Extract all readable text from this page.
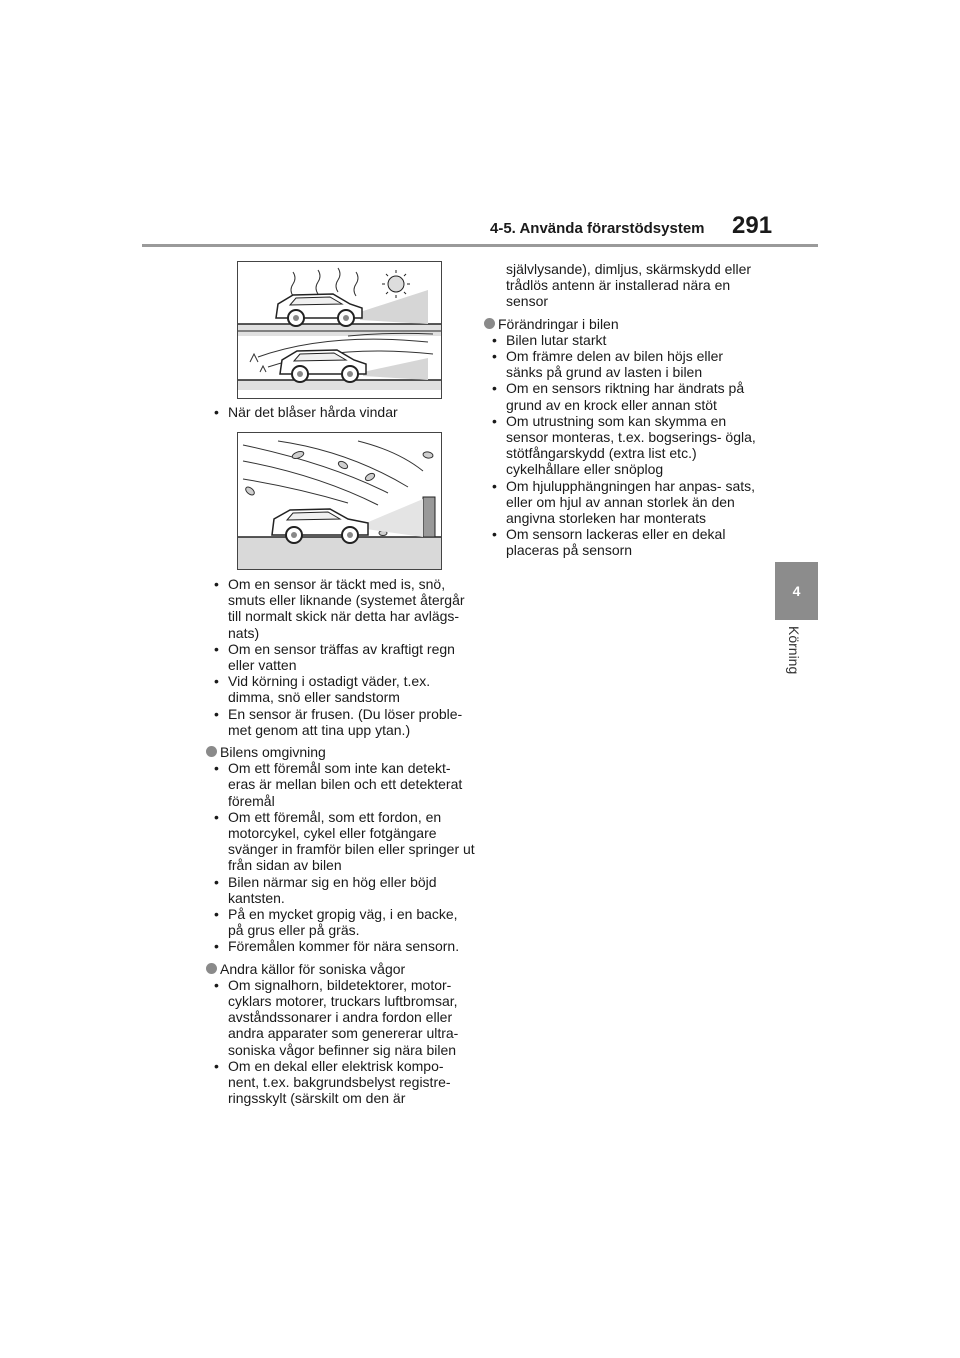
4-5. Använda förarstödsystem 291
4
Körning
• När det blåser hårda vindar
• Om en sensor är täckt med is, snö, smuts eller liknande (systemet återgår till normalt skick när detta har avlägs- nats)
• Om en sensor träffas av kraftigt regn eller vatten
• Vid körning i ostadigt väder, t.ex. dimma, snö eller sandstorm
• En sensor är frusen. (Du löser proble- met genom att tina upp ytan.)
Bilens omgivning
• Om ett föremål som inte kan detekt- eras är mellan bilen och ett detekterat föremål
• Om ett föremål, som ett fordon, en motorcykel, cykel eller fotgängare svänger in framför bilen eller springer ut från sidan av bilen
• Bilen närmar sig en hög eller böjd kantsten.
• På en mycket gropig väg, i en backe, på grus eller på gräs.
• Föremålen kommer för nära sensorn.
Andra källor för soniska vågor
• Om signalhorn, bildetektorer, motor- cyklars motorer, truckars luftbromsar, avståndssonarer i andra fordon eller andra apparater som genererar ultra- soniska vågor befinner sig nära bilen
• Om en dekal eller elektrisk kompo- nent, t.ex. bakgrundsbelyst registre- ringsskylt (särskilt om den är
självlysande), dimljus, skärmskydd eller trådlös antenn är installerad nära en sensor
Förändringar i bilen
• Bilen lutar starkt
• Om främre delen av bilen höjs eller sänks på grund av lasten i bilen
• Om en sensors riktning har ändrats på grund av en krock eller annan stöt
• Om utrustning som kan skymma en sensor monteras, t.ex. bogserings- ögla, stötfångarskydd (extra list etc.) cykelhållare eller snöplog
• Om hjulupphängningen har anpas- sats, eller om hjul av annan storlek än den angivna storleken har monterats
• Om sensorn lackeras eller en dekal placeras på sensorn
